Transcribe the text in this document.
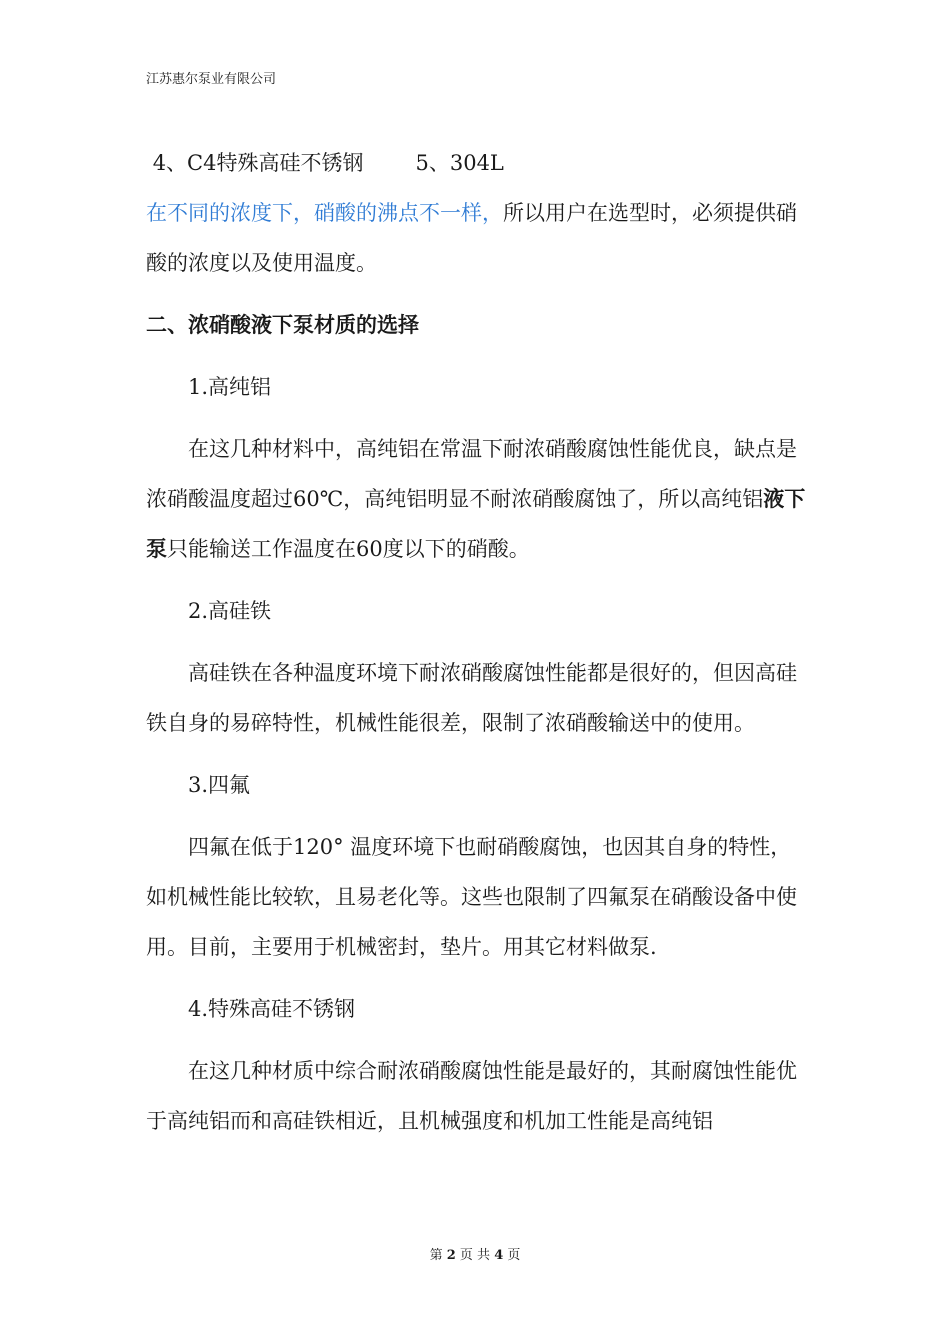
江苏惠尔泵业有限公司

4、C4特殊高硅不锈钢 5、304L

在不同的浓度下，硝酸的沸点不一样，所以用户在选型时，必须提供硝酸的浓度以及使用温度。

二、浓硝酸液下泵材质的选择

1.高纯铝

在这几种材料中，高纯铝在常温下耐浓硝酸腐蚀性能优良，缺点是浓硝酸温度超过60℃，高纯铝明显不耐浓硝酸腐蚀了，所以高纯铝液下泵只能输送工作温度在60度以下的硝酸。

2.高硅铁

高硅铁在各种温度环境下耐浓硝酸腐蚀性能都是很好的，但因高硅铁自身的易碎特性，机械性能很差，限制了浓硝酸输送中的使用。

3.四氟

四氟在低于120° 温度环境下也耐硝酸腐蚀，也因其自身的特性，如机械性能比较软，且易老化等。这些也限制了四氟泵在硝酸设备中使用。目前，主要用于机械密封，垫片。用其它材料做泵.

4.特殊高硅不锈钢

在这几种材质中综合耐浓硝酸腐蚀性能是最好的，其耐腐蚀性能优于高纯铝而和高硅铁相近，且机械强度和机加工性能是高纯铝

第 2 页 共 4 页
